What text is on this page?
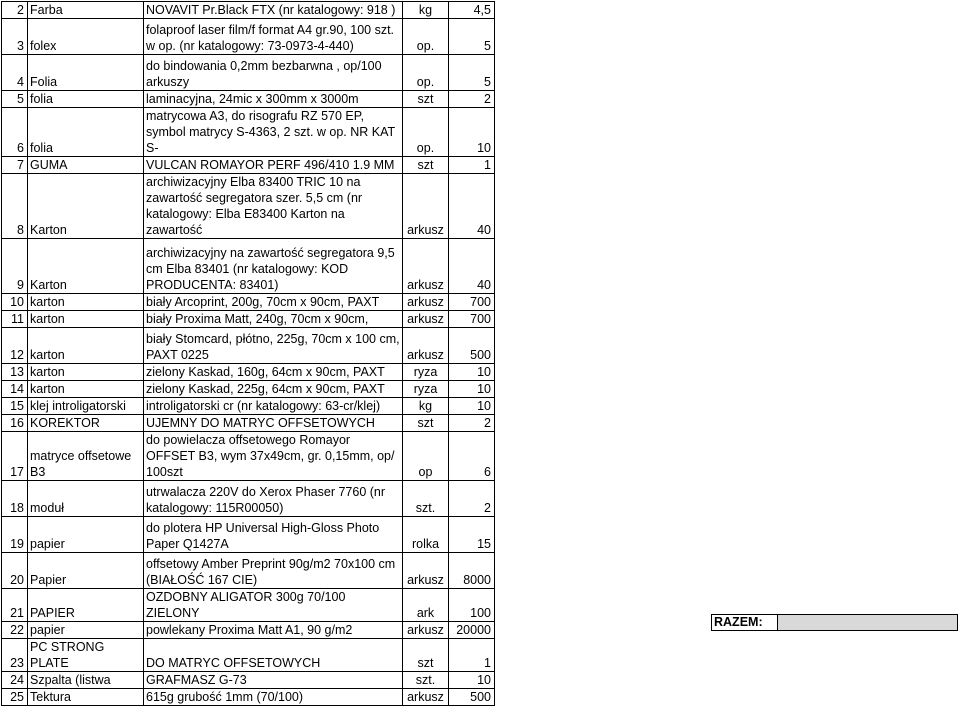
2	Farba	NOVAVIT Pr.Black FTX (nr katalogowy: 918 )	kg	4,5
3	folex	folaproof laser film/f format A4 gr.90, 100 szt. w op. (nr katalogowy: 73-0973-4-440)	op.	5
4	Folia	do bindowania 0,2mm bezbarwna , op/100 arkuszy	op.	5
5	folia	laminacyjna, 24mic x 300mm x 3000m	szt	2
6	folia	matrycowa A3, do risografu RZ 570 EP, symbol matrycy S-4363, 2 szt. w op. NR KAT S-	op.	10
7	GUMA	VULCAN ROMAYOR PERF 496/410 1.9 MM	szt	1
8	Karton	archiwizacyjny Elba 83400 TRIC 10 na zawartość segregatora szer. 5,5 cm (nr katalogowy: Elba E83400 Karton na zawartość	arkusz	40
9	Karton	archiwizacyjny na zawartość segregatora 9,5 cm Elba 83401 (nr katalogowy: KOD PRODUCENTA: 83401)	arkusz	40
10	karton	biały Arcoprint, 200g, 70cm x 90cm, PAXT	arkusz	700
11	karton	biały Proxima Matt, 240g, 70cm x 90cm,	arkusz	700
12	karton	biały Stomcard, płótno, 225g, 70cm x 100 cm, PAXT 0225	arkusz	500
13	karton	zielony Kaskad, 160g, 64cm x 90cm, PAXT	ryza	10
14	karton	zielony Kaskad, 225g, 64cm x 90cm, PAXT	ryza	10
15	klej introligatorski	introligatorski cr (nr katalogowy: 63-cr/klej)	kg	10
16	KOREKTOR	UJEMNY DO MATRYC OFFSETOWYCH	szt	2
17	matryce offsetowe B3	do powielacza offsetowego Romayor OFFSET B3, wym 37x49cm, gr. 0,15mm, op/ 100szt	op	6
18	moduł	utrwalacza 220V do Xerox Phaser 7760 (nr katalogowy: 115R00050)	szt.	2
19	papier	do plotera HP Universal High-Gloss Photo Paper Q1427A	rolka	15
20	Papier	offsetowy Amber Preprint 90g/m2 70x100 cm (BIAŁOŚĆ 167 CIE)	arkusz	8000
21	PAPIER	OZDOBNY ALIGATOR 300g 70/100 ZIELONY	ark	100
22	papier	powlekany Proxima Matt A1, 90 g/m2	arkusz	20000
23	PC STRONG PLATE	DO MATRYC OFFSETOWYCH	szt	1
24	Szpalta (listwa	GRAFMASZ G-73	szt.	10
25	Tektura	615g grubość 1mm (70/100)	arkusz	500
RAZEM:
